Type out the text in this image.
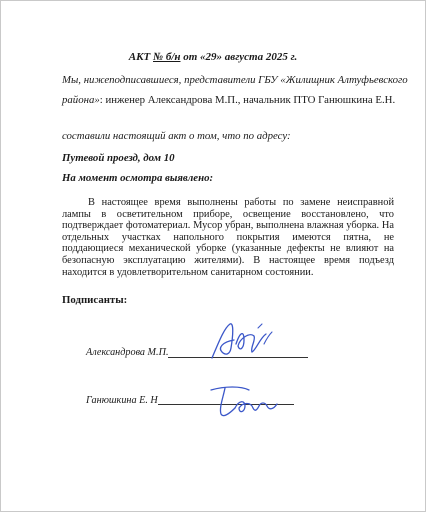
АКТ № б/н от «29» августа 2025 г.
Мы, нижеподписавшиеся, представители ГБУ «Жилищник Алтуфьевского
района»: инженер Александрова М.П., начальник ПТО Ганюшкина Е.Н.
составили настоящий акт о том, что по адресу:
Путевой проезд, дом 10
На момент осмотра выявлено:
В настоящее время выполнены работы по замене неисправной лампы в осветительном приборе, освещение восстановлено, что подтверждает фотоматериал. Мусор убран, выполнена влажная уборка. На отдельных участках напольного покрытия имеются пятна, не поддающиеся механической уборке (указанные дефекты не влияют на безопасную эксплуатацию жителями). В настоящее время подъезд находится в удовлетворительном санитарном состоянии.
Подписанты:
Александрова М.П.
Ганюшкина Е. Н
